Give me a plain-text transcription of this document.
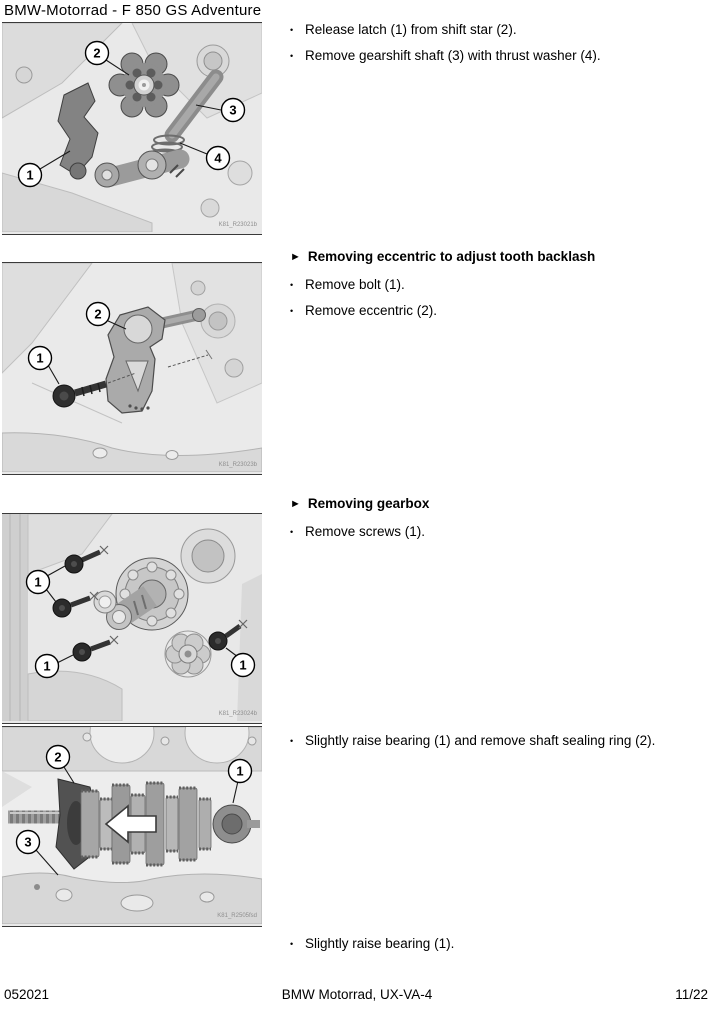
BMW-Motorrad - F 850 GS Adventure
1
2
3
4
K81_R23021b
• Release latch (1) from shift star (2).
• Remove gearshift shaft (3) with thrust washer (4).
► Removing eccentric to adjust tooth backlash
• Remove bolt (1).
• Remove eccentric (2).
2
1
K81_R23023b
► Removing gearbox
• Remove screws (1).
1
1	1
K81_R23024b
• Slightly raise bearing (1) and remove shaft sealing ring (2).
2
1
3
K81_R2505fsd
• Slightly raise bearing (1).
052021	BMW Motorrad, UX-VA-4	11/22
